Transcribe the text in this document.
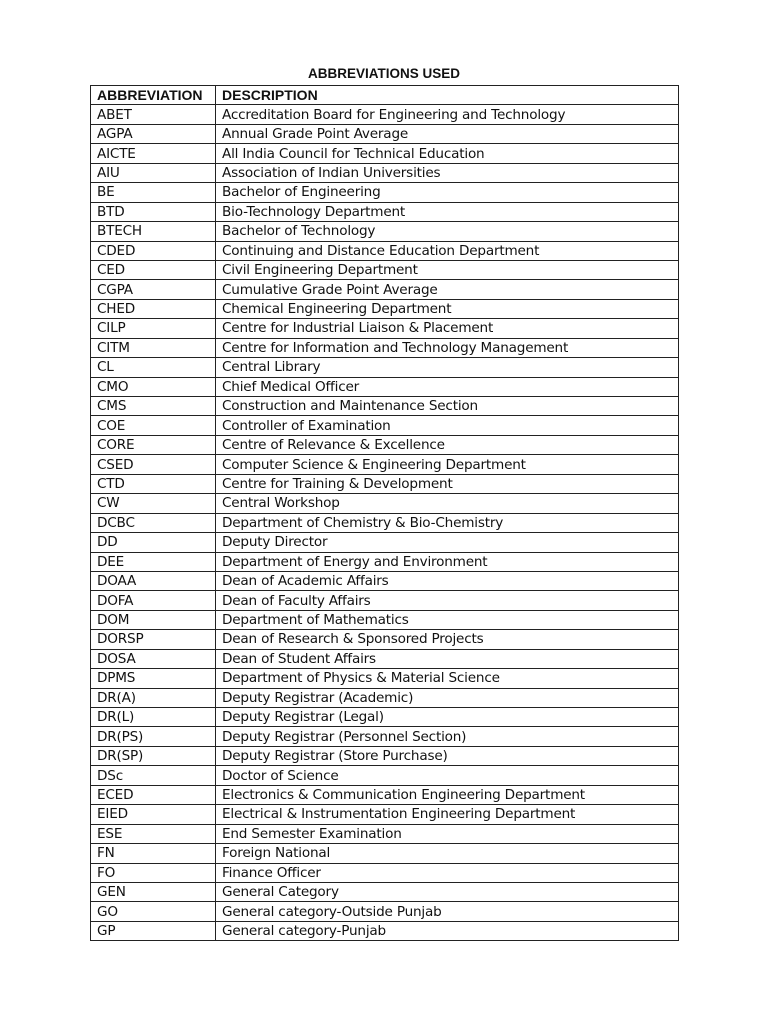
ABBREVIATIONS USED
ABBREVIATION	DESCRIPTION
ABET	Accreditation Board for Engineering and Technology
AGPA	Annual Grade Point Average
AICTE	All India Council for Technical Education
AIU	Association of Indian Universities
BE	Bachelor of Engineering
BTD	Bio-Technology Department
BTECH	Bachelor of Technology
CDED	Continuing and Distance Education Department
CED	Civil Engineering Department
CGPA	Cumulative Grade Point Average
CHED	Chemical Engineering Department
CILP	Centre for Industrial Liaison & Placement
CITM	Centre for Information and Technology Management
CL	Central Library
CMO	Chief Medical Officer
CMS	Construction and Maintenance Section
COE	Controller of Examination
CORE	Centre of Relevance & Excellence
CSED	Computer Science & Engineering Department
CTD	Centre for Training & Development
CW	Central Workshop
DCBC	Department of Chemistry & Bio-Chemistry
DD	Deputy Director
DEE	Department of Energy and Environment
DOAA	Dean of Academic Affairs
DOFA	Dean of Faculty Affairs
DOM	Department of Mathematics
DORSP	Dean of Research & Sponsored Projects
DOSA	Dean of Student Affairs
DPMS	Department of Physics & Material Science
DR(A)	Deputy Registrar (Academic)
DR(L)	Deputy Registrar (Legal)
DR(PS)	Deputy Registrar (Personnel Section)
DR(SP)	Deputy Registrar (Store Purchase)
DSc	Doctor of Science
ECED	Electronics & Communication Engineering Department
EIED	Electrical & Instrumentation Engineering Department
ESE	End Semester Examination
FN	Foreign National
FO	Finance Officer
GEN	General Category
GO	General category-Outside Punjab
GP	General category-Punjab
